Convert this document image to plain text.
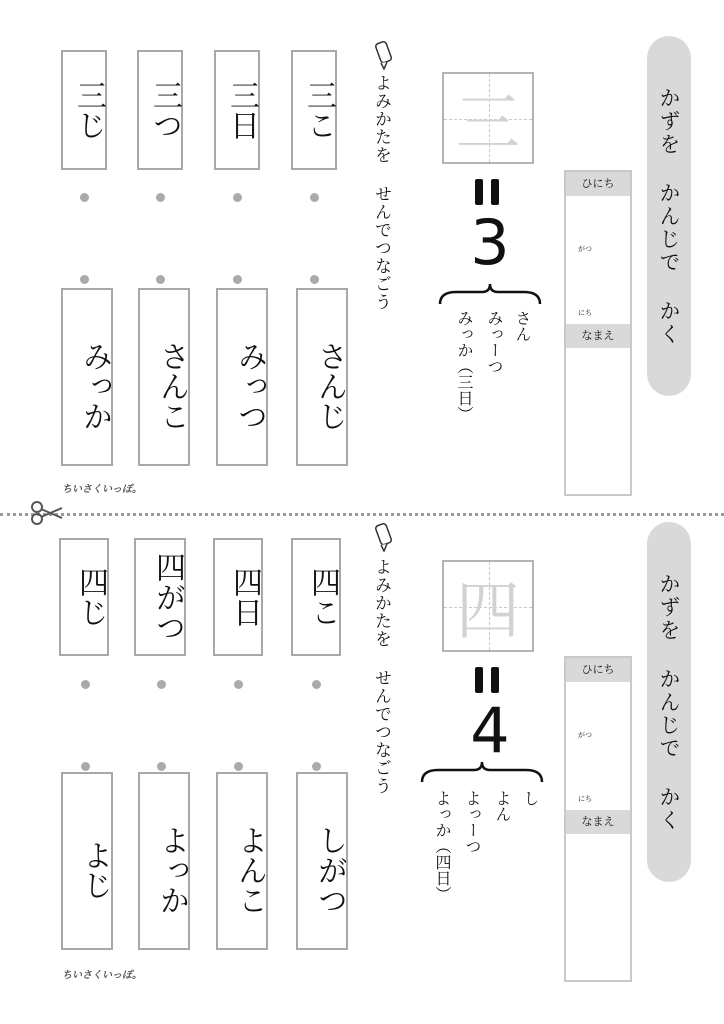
かずを かんじで かく
ひにち
がつ
にち
なまえ
三
3
さん
みっーつ
みっか（三日）
よみかたを せんでつなごう
三じ 三つ 三日 三こ
みっか さんこ みっつ さんじ
ちいさくいっぽ。
かずを かんじで かく
ひにち
がつ
にち
なまえ
四
4
し
よん
よっーつ
よっか（四日）
よみかたを せんでつなごう
四じ 四がつ 四日 四こ
よじ よっか よんこ しがつ
ちいさくいっぽ。
